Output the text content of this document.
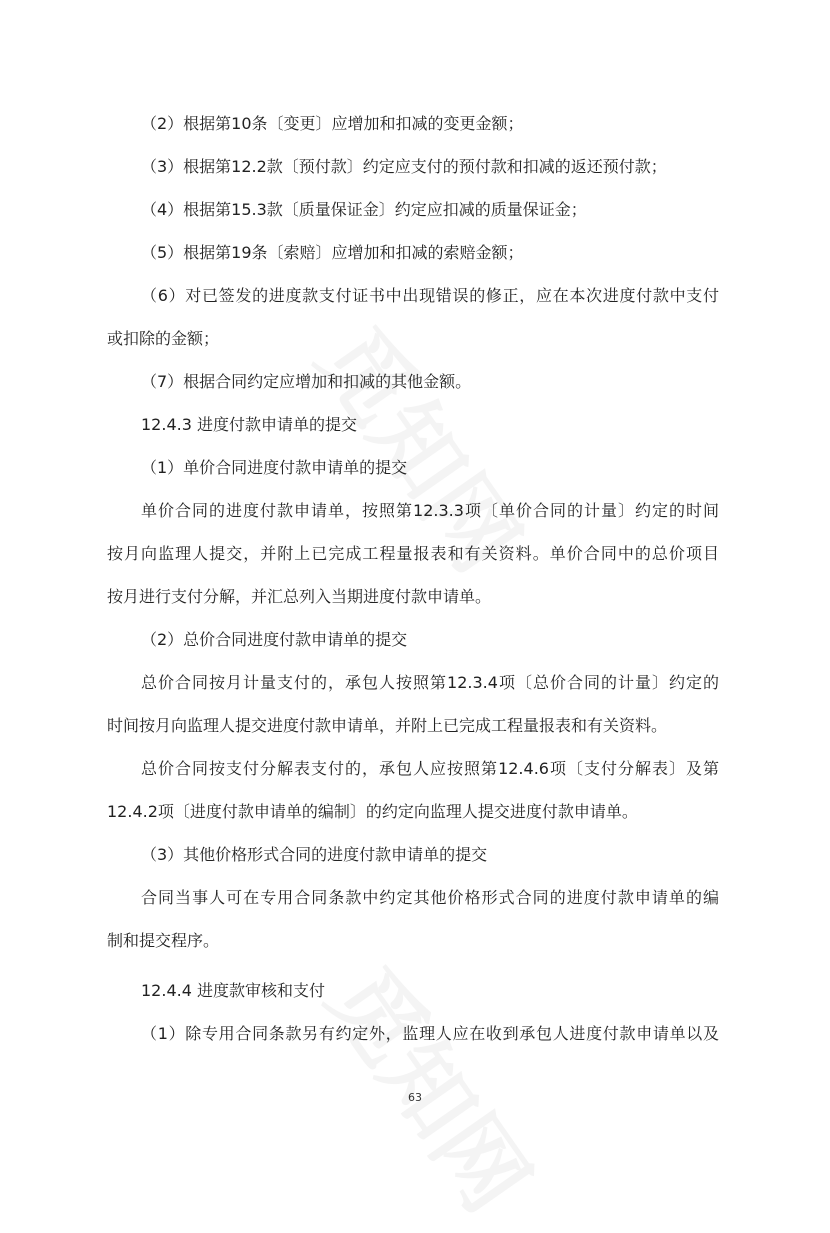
（2）根据第10条〔变更〕应增加和扣减的变更金额；
（3）根据第12.2款〔预付款〕约定应支付的预付款和扣减的返还预付款；
（4）根据第15.3款〔质量保证金〕约定应扣减的质量保证金；
（5）根据第19条〔索赔〕应增加和扣减的索赔金额；
（6）对已签发的进度款支付证书中出现错误的修正，应在本次进度付款中支付
或扣除的金额；
（7）根据合同约定应增加和扣减的其他金额。
12.4.3 进度付款申请单的提交
（1）单价合同进度付款申请单的提交
单价合同的进度付款申请单，按照第12.3.3项〔单价合同的计量〕约定的时间
按月向监理人提交，并附上已完成工程量报表和有关资料。单价合同中的总价项目
按月进行支付分解，并汇总列入当期进度付款申请单。
（2）总价合同进度付款申请单的提交
总价合同按月计量支付的，承包人按照第12.3.4项〔总价合同的计量〕约定的
时间按月向监理人提交进度付款申请单，并附上已完成工程量报表和有关资料。
总价合同按支付分解表支付的，承包人应按照第12.4.6项〔支付分解表〕及第
12.4.2项〔进度付款申请单的编制〕的约定向监理人提交进度付款申请单。
（3）其他价格形式合同的进度付款申请单的提交
合同当事人可在专用合同条款中约定其他价格形式合同的进度付款申请单的编
制和提交程序。
12.4.4 进度款审核和支付
（1）除专用合同条款另有约定外，监理人应在收到承包人进度付款申请单以及
63
